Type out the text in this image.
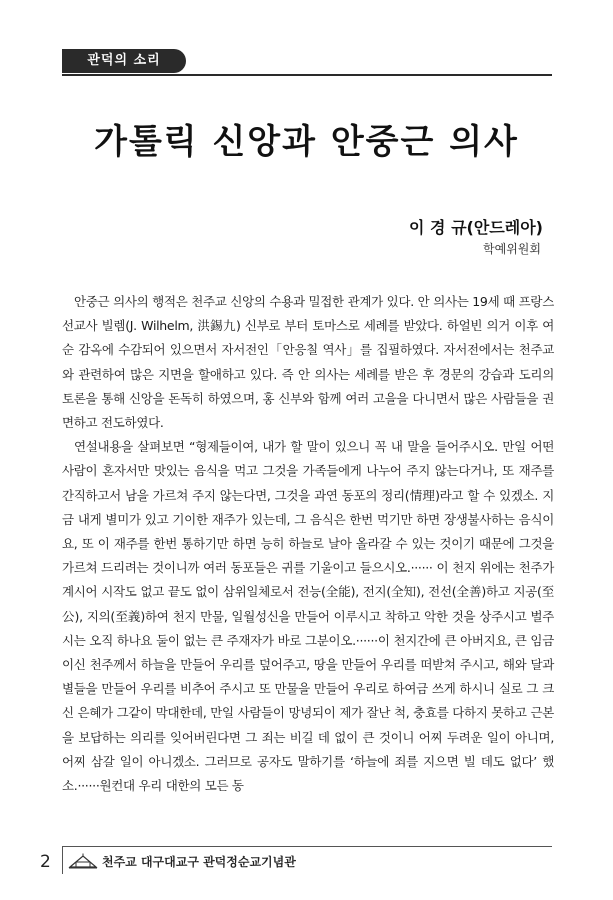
관덕의 소리
가톨릭 신앙과 안중근 의사
이 경 규(안드레아)
학예위원회

안중근 의사의 행적은 천주교 신앙의 수용과 밀접한 관계가 있다. 안 의사는 19세 때 프랑스 선교사 빌렘(J. Wilhelm, 洪錫九) 신부로 부터 토마스로 세례를 받았다. 하얼빈 의거 이후 여순 감옥에 수감되어 있으면서 자서전인「안응칠 역사」를 집필하였다. 자서전에서는 천주교와 관련하여 많은 지면을 할애하고 있다. 즉 안 의사는 세례를 받은 후 경문의 강습과 도리의 토론을 통해 신앙을 돈독히 하였으며, 홍 신부와 함께 여러 고을을 다니면서 많은 사람들을 권면하고 전도하였다.

연설내용을 살펴보면 “형제들이여, 내가 할 말이 있으니 꼭 내 말을 들어주시오. 만일 어떤 사람이 혼자서만 맛있는 음식을 먹고 그것을 가족들에게 나누어 주지 않는다거나, 또 재주를 간직하고서 남을 가르쳐 주지 않는다면, 그것을 과연 동포의 정리(情理)라고 할 수 있겠소. 지금 내게 별미가 있고 기이한 재주가 있는데, 그 음식은 한번 먹기만 하면 장생불사하는 음식이요, 또 이 재주를 한번 통하기만 하면 능히 하늘로 날아 올라갈 수 있는 것이기 때문에 그것을 가르쳐 드리려는 것이니까 여러 동포들은 귀를 기울이고 들으시오.······ 이 천지 위에는 천주가 계시어 시작도 없고 끝도 없이 삼위일체로서 전능(全能), 전지(全知), 전선(全善)하고 지공(至公), 지의(至義)하여 천지 만물, 일월성신을 만들어 이루시고 착하고 악한 것을 상주시고 벌주시는 오직 하나요 둘이 없는 큰 주재자가 바로 그분이오.······이 천지간에 큰 아버지요, 큰 임금이신 천주께서 하늘을 만들어 우리를 덮어주고, 땅을 만들어 우리를 떠받쳐 주시고, 해와 달과 별들을 만들어 우리를 비추어 주시고 또 만물을 만들어 우리로 하여금 쓰게 하시니 실로 그 크신 은혜가 그같이 막대한데, 만일 사람들이 망녕되이 제가 잘난 척, 충효를 다하지 못하고 근본을 보답하는 의리를 잊어버린다면 그 죄는 비길 데 없이 큰 것이니 어찌 두려운 일이 아니며, 어찌 삼갈 일이 아니겠소. 그러므로 공자도 말하기를 ‘하늘에 죄를 지으면 빌 데도 없다’ 했소.······원컨대 우리 대한의 모든 동

2	천주교 대구대교구 관덕정순교기념관
